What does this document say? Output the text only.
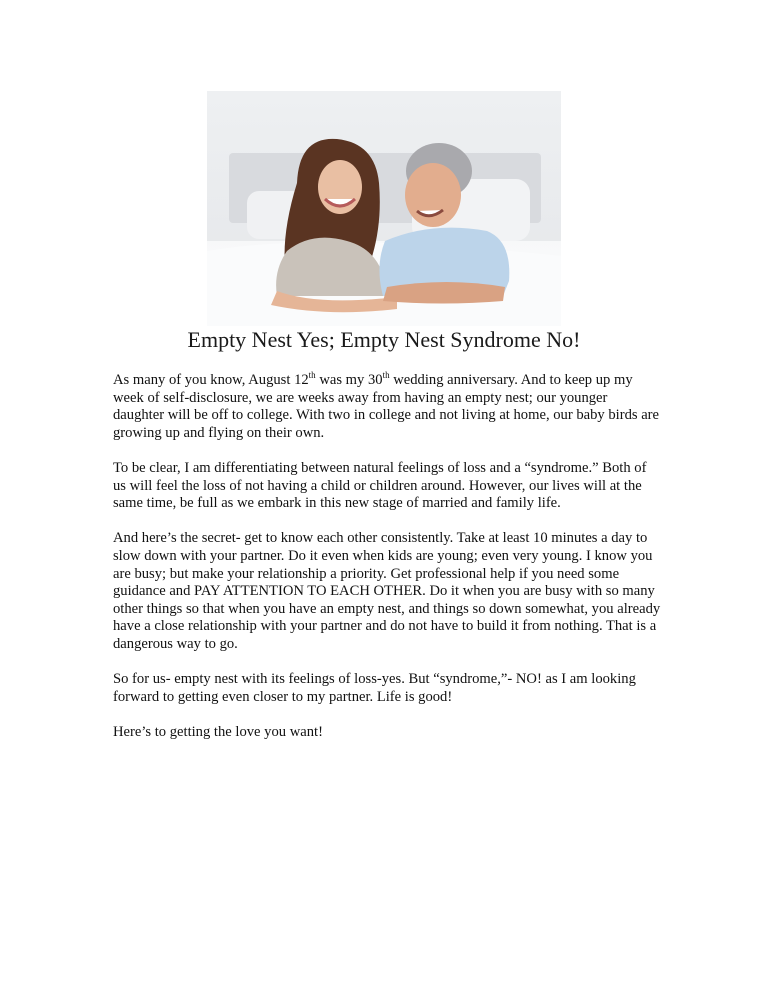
Empty Nest Yes; Empty Nest Syndrome No!

As many of you know, August 12th was my 30th wedding anniversary. And to keep up my week of self-disclosure, we are weeks away from having an empty nest; our younger daughter will be off to college. With two in college and not living at home, our baby birds are growing up and flying on their own.

To be clear, I am differentiating between natural feelings of loss and a “syndrome.” Both of us will feel the loss of not having a child or children around. However, our lives will at the same time, be full as we embark in this new stage of married and family life.

And here’s the secret- get to know each other consistently. Take at least 10 minutes a day to slow down with your partner. Do it even when kids are young; even very young. I know you are busy; but make your relationship a priority. Get professional help if you need some guidance and PAY ATTENTION TO EACH OTHER. Do it when you are busy with so many other things so that when you have an empty nest, and things so down somewhat, you already have a close relationship with your partner and do not have to build it from nothing. That is a dangerous way to go.

So for us- empty nest with its feelings of loss-yes. But “syndrome,”- NO! as I am looking forward to getting even closer to my partner. Life is good!

Here’s to getting the love you want!
